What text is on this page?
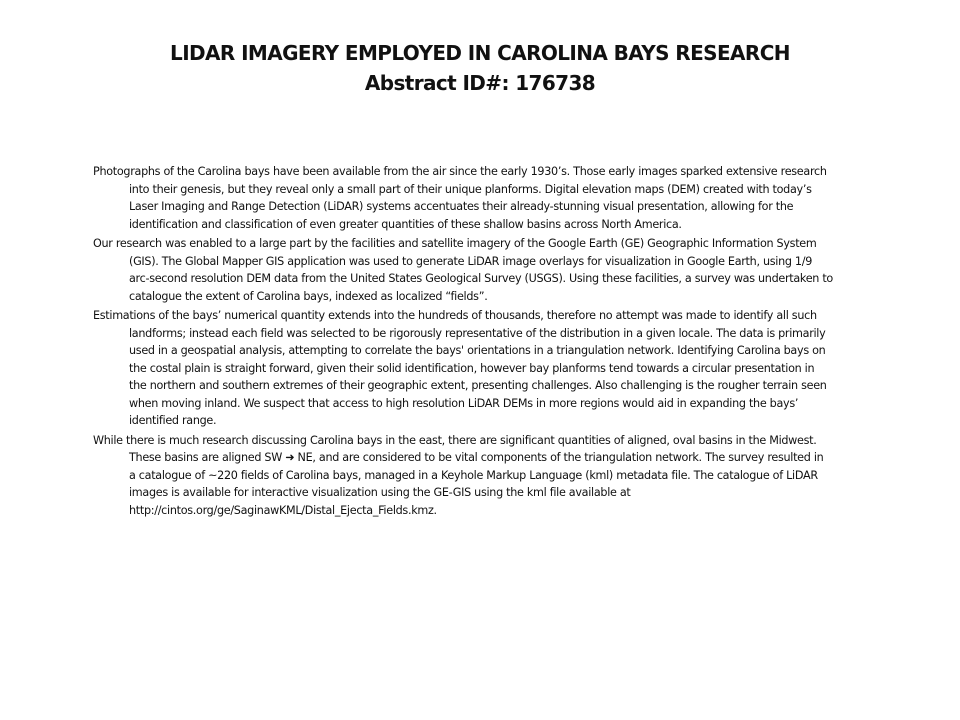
LIDAR IMAGERY EMPLOYED IN CAROLINA BAYS RESEARCH
Abstract ID#: 176738

Photographs of the Carolina bays have been available from the air since the early 1930’s. Those early images sparked extensive research into their genesis, but they reveal only a small part of their unique planforms. Digital elevation maps (DEM) created with today’s Laser Imaging and Range Detection (LiDAR) systems accentuates their already-stunning visual presentation, allowing for the identification and classification of even greater quantities of these shallow basins across North America.

Our research was enabled to a large part by the facilities and satellite imagery of the Google Earth (GE) Geographic Information System (GIS). The Global Mapper GIS application was used to generate LiDAR image overlays for visualization in Google Earth, using 1/9 arc-second resolution DEM data from the United States Geological Survey (USGS). Using these facilities, a survey was undertaken to catalogue the extent of Carolina bays, indexed as localized “fields”.

Estimations of the bays’ numerical quantity extends into the hundreds of thousands, therefore no attempt was made to identify all such landforms; instead each field was selected to be rigorously representative of the distribution in a given locale. The data is primarily used in a geospatial analysis, attempting to correlate the bays' orientations in a triangulation network. Identifying Carolina bays on the costal plain is straight forward, given their solid identification, however bay planforms tend towards a circular presentation in the northern and southern extremes of their geographic extent, presenting challenges. Also challenging is the rougher terrain seen when moving inland. We suspect that access to high resolution LiDAR DEMs in more regions would aid in expanding the bays’ identified range.

While there is much research discussing Carolina bays in the east, there are significant quantities of aligned, oval basins in the Midwest. These basins are aligned SW ➜ NE, and are considered to be vital components of the triangulation network. The survey resulted in a catalogue of ~220 fields of Carolina bays, managed in a Keyhole Markup Language (kml) metadata file. The catalogue of LiDAR images is available for interactive visualization using the GE-GIS using the kml file available at http://cintos.org/ge/SaginawKML/Distal_Ejecta_Fields.kmz.
